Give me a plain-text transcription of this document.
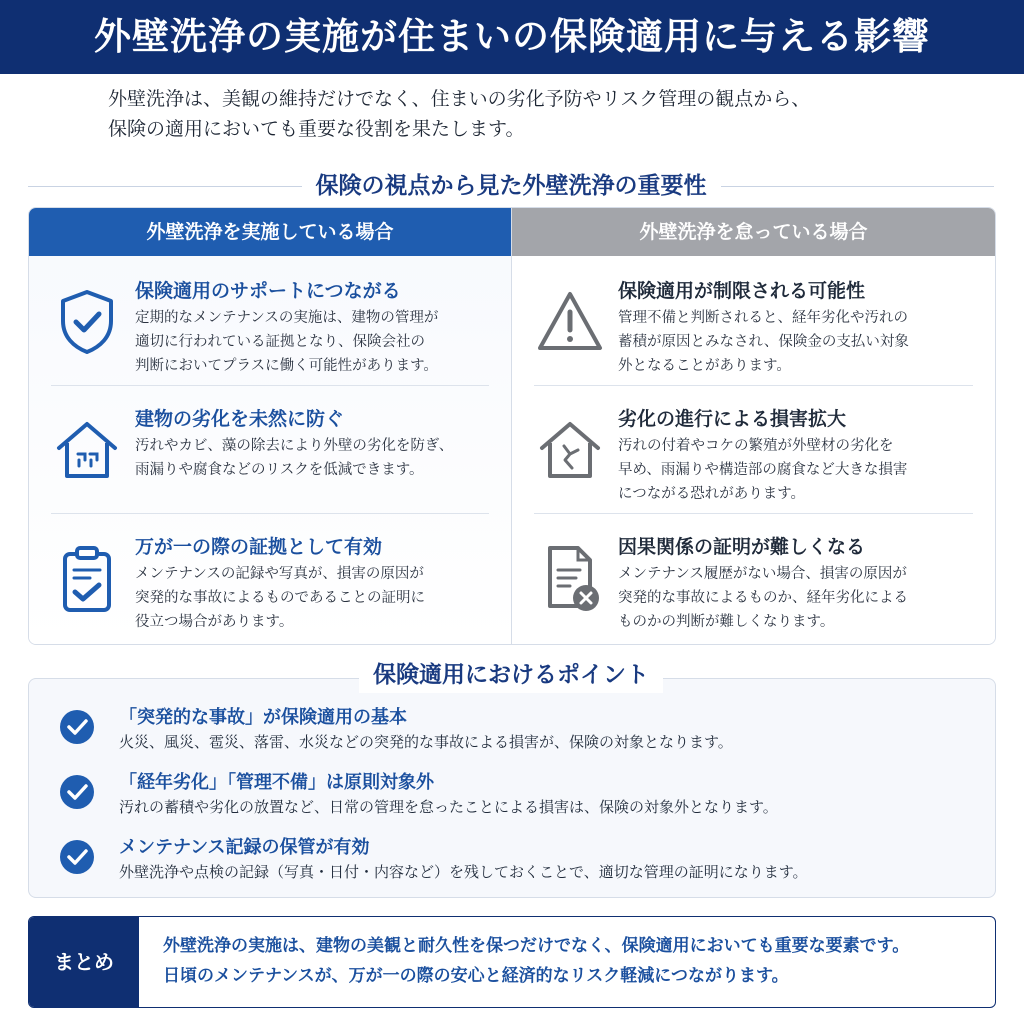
外壁洗浄の実施が住まいの保険適用に与える影響

外壁洗浄は、美観の維持だけでなく、住まいの劣化予防やリスク管理の観点から、

保険の適用においても重要な役割を果たします。

保険の視点から見た外壁洗浄の重要性
外壁洗浄を実施している場合
保険適用のサポートにつながる
定期的なメンテナンスの実施は、建物の管理が
適切に行われている証拠となり、保険会社の
判断においてプラスに働く可能性があります。
建物の劣化を未然に防ぐ
汚れやカビ、藻の除去により外壁の劣化を防ぎ、
雨漏りや腐食などのリスクを低減できます。
万が一の際の証拠として有効
メンテナンスの記録や写真が、損害の原因が
突発的な事故によるものであることの証明に
役立つ場合があります。
外壁洗浄を怠っている場合
保険適用が制限される可能性
管理不備と判断されると、経年劣化や汚れの
蓄積が原因とみなされ、保険金の支払い対象
外となることがあります。
劣化の進行による損害拡大
汚れの付着やコケの繁殖が外壁材の劣化を
早め、雨漏りや構造部の腐食など大きな損害
につながる恐れがあります。
因果関係の証明が難しくなる
メンテナンス履歴がない場合、損害の原因が
突発的な事故によるものか、経年劣化による
ものかの判断が難しくなります。
「突発的な事故」が保険適用の基本
火災、風災、雹災、落雷、水災などの突発的な事故による損害が、保険の対象となります。
「経年劣化」「管理不備」は原則対象外
汚れの蓄積や劣化の放置など、日常の管理を怠ったことによる損害は、保険の対象外となります。
メンテナンス記録の保管が有効
外壁洗浄や点検の記録（写真・日付・内容など）を残しておくことで、適切な管理の証明になります。
保険適用におけるポイント
まとめ
外壁洗浄の実施は、建物の美観と耐久性を保つだけでなく、保険適用においても重要な要素です。
日頃のメンテナンスが、万が一の際の安心と経済的なリスク軽減につながります。
